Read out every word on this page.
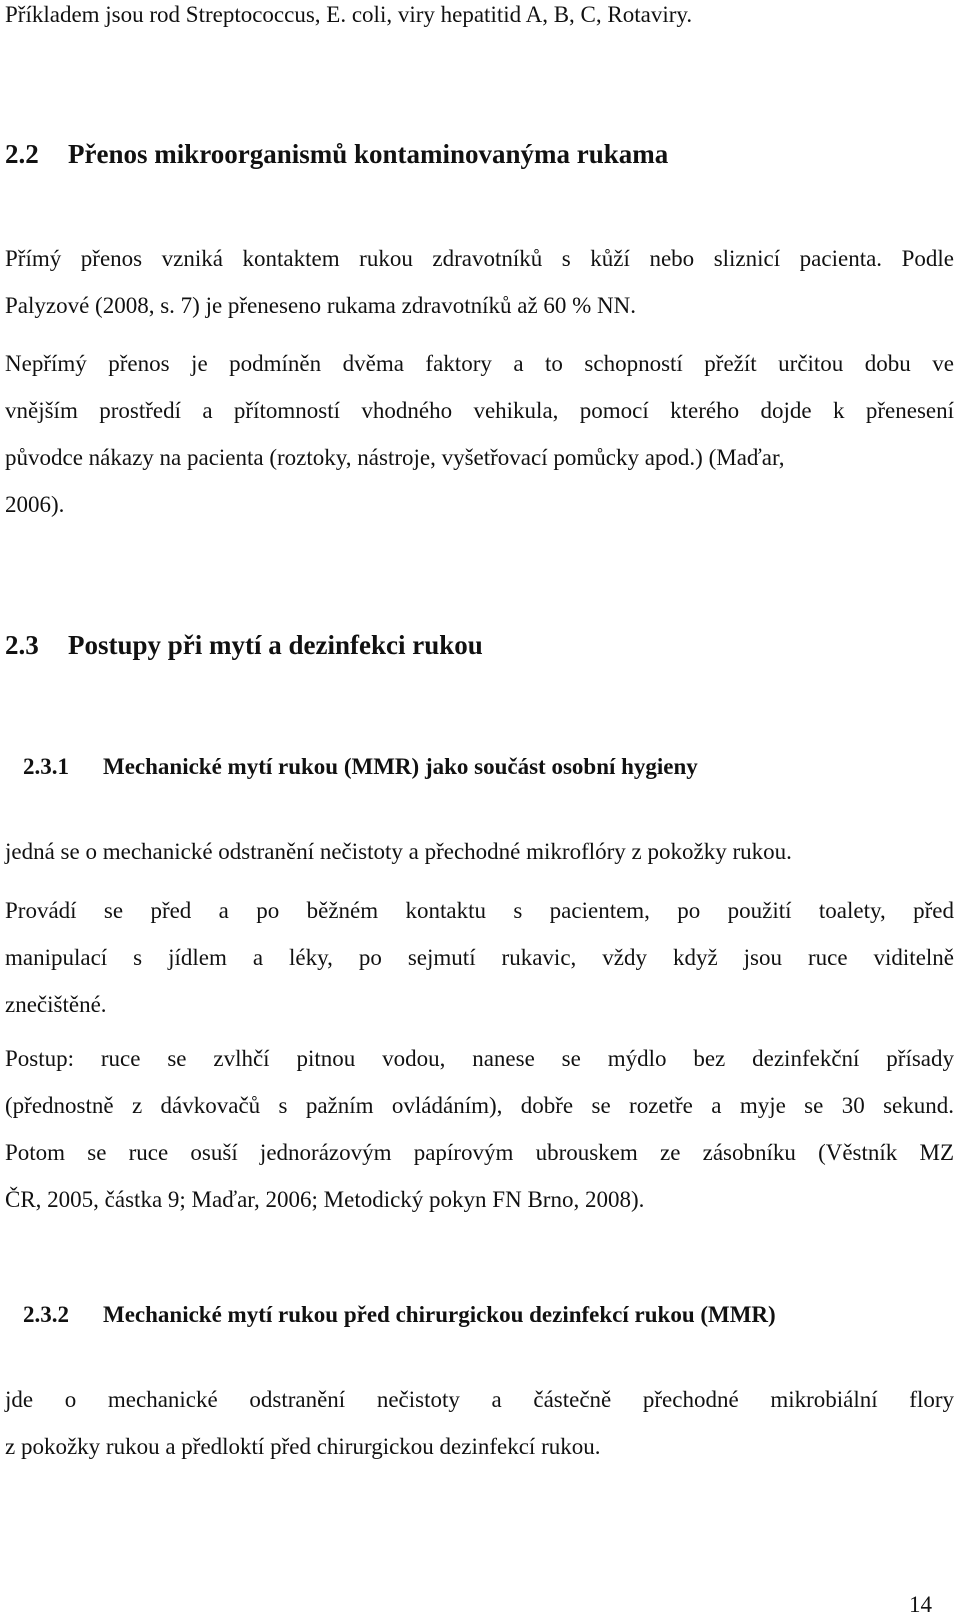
Příkladem jsou rod Streptococcus, E. coli, viry hepatitid A, B, C, Rotaviry.
2.2 Přenos mikroorganismů kontaminovanýma rukama
Přímý přenos vzniká kontaktem rukou zdravotníků s kůží nebo sliznicí pacienta. Podle
Palyzové (2008, s. 7) je přeneseno rukama zdravotníků až 60 % NN.
Nepřímý přenos je podmíněn dvěma faktory a to schopností přežít určitou dobu ve
vnějším prostředí a přítomností vhodného vehikula, pomocí kterého dojde k přenesení
původce nákazy na pacienta (roztoky, nástroje, vyšetřovací pomůcky apod.) (Maďar,
2006).
2.3 Postupy při mytí a dezinfekci rukou
2.3.1 Mechanické mytí rukou (MMR) jako součást osobní hygieny
jedná se o mechanické odstranění nečistoty a přechodné mikroflóry z pokožky rukou.
Provádí se před a po běžném kontaktu s pacientem, po použití toalety, před
manipulací s jídlem a léky, po sejmutí rukavic, vždy když jsou ruce viditelně
znečištěné.
Postup: ruce se zvlhčí pitnou vodou, nanese se mýdlo bez dezinfekční přísady
(přednostně z dávkovačů s pažním ovládáním), dobře se rozetře a myje se 30 sekund.
Potom se ruce osuší jednorázovým papírovým ubrouskem ze zásobníku (Věstník MZ
ČR, 2005, částka 9; Maďar, 2006; Metodický pokyn FN Brno, 2008).
2.3.2 Mechanické mytí rukou před chirurgickou dezinfekcí rukou (MMR)
jde o mechanické odstranění nečistoty a částečně přechodné mikrobiální flory
z pokožky rukou a předloktí před chirurgickou dezinfekcí rukou.
14
